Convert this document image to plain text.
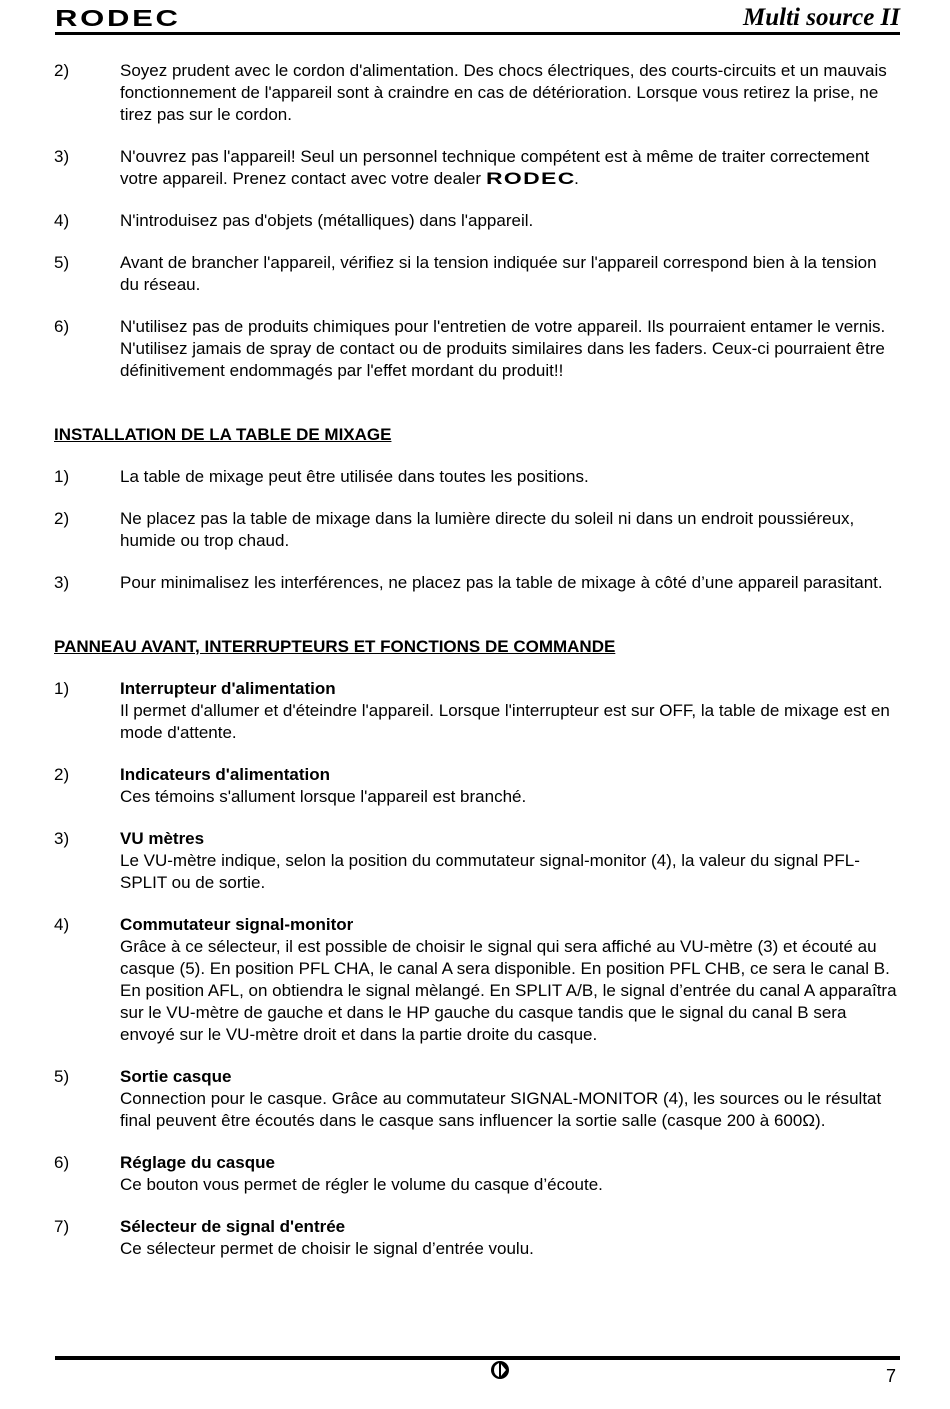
RODEC	Multi source II
2)	Soyez prudent avec le cordon d'alimentation. Des chocs électriques, des courts-circuits et un mauvais fonctionnement de l'appareil sont à craindre en cas de détérioration. Lorsque vous retirez la prise, ne tirez pas sur le cordon.

3)	N'ouvrez pas l'appareil! Seul un personnel technique compétent est à même de traiter correctement votre appareil. Prenez contact avec votre dealer RODEC.

4)	N'introduisez pas d'objets (métalliques) dans l'appareil.

5)	Avant de brancher l'appareil, vérifiez si la tension indiquée sur l'appareil correspond bien à la tension du réseau.

6)	N'utilisez pas de produits chimiques pour l'entretien de votre appareil. Ils pourraient entamer le vernis. N'utilisez jamais de spray de contact ou de produits similaires dans les faders. Ceux-ci pourraient être définitivement endommagés par l'effet mordant du produit!!

INSTALLATION DE LA TABLE DE MIXAGE
1)	La table de mixage peut être utilisée dans toutes les positions.

2)	Ne placez pas la table de mixage dans la lumière directe du soleil ni dans un endroit poussiéreux, humide ou trop chaud.

3)	Pour minimalisez les interférences, ne placez pas la table de mixage à côté d’une appareil parasitant.

PANNEAU AVANT, INTERRUPTEURS ET FONCTIONS DE COMMANDE
1)	Interrupteur d'alimentation

Il permet d'allumer et d'éteindre l'appareil. Lorsque l'interrupteur est sur OFF, la table de mixage est en mode d'attente.

2)	Indicateurs d'alimentation

Ces témoins s'allument lorsque l'appareil est branché.

3)	VU mètres

Le VU-mètre indique, selon la position du commutateur signal-monitor (4), la valeur du signal PFL-SPLIT ou de sortie.

4)	Commutateur signal-monitor

Grâce à ce sélecteur, il est possible de choisir le signal qui sera affiché au VU-mètre (3) et écouté au casque (5). En position PFL CHA, le canal A sera disponible. En position PFL CHB, ce sera le canal B. En position AFL, on obtiendra le signal mèlangé. En SPLIT A/B, le signal d’entrée du canal A apparaîtra sur le VU-mètre de gauche et dans le HP gauche du casque tandis que le signal du canal B sera envoyé sur le VU-mètre droit et dans la partie droite du casque.

5)	Sortie casque

Connection pour le casque. Grâce au commutateur SIGNAL-MONITOR (4), les sources ou le résultat final peuvent être écoutés dans le casque sans influencer la sortie salle (casque 200 à 600Ω).

6)	Réglage du casque

Ce bouton vous permet de régler le volume du casque d’écoute.

7)	Sélecteur de signal d'entrée

Ce sélecteur permet de choisir le signal d’entrée voulu.

7
